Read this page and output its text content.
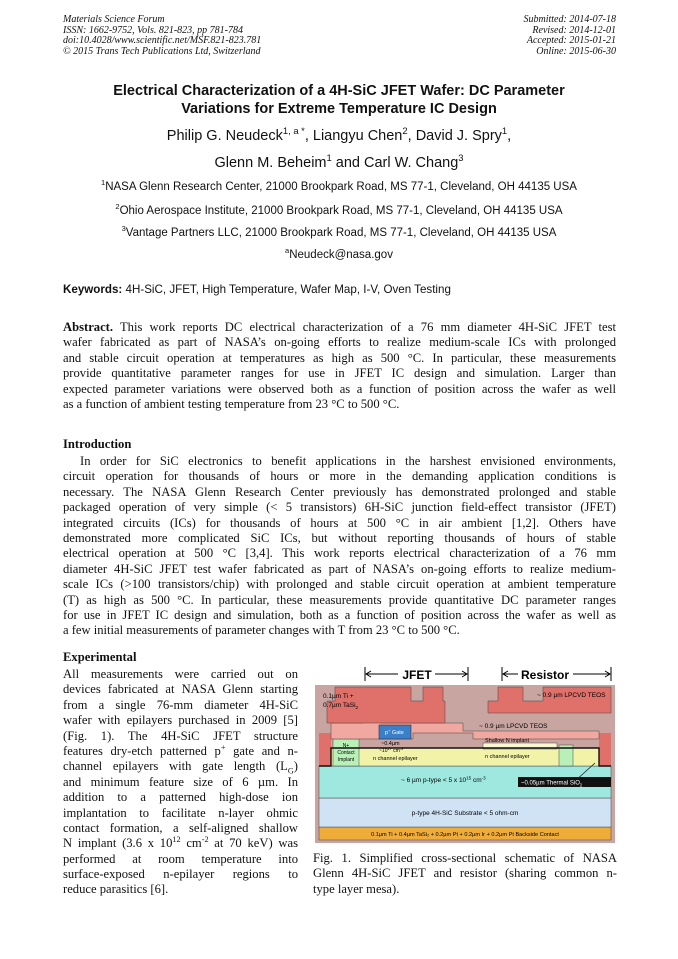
Materials Science Forum
ISSN: 1662-9752, Vols. 821-823, pp 781-784
doi:10.4028/www.scientific.net/MSF.821-823.781
© 2015 Trans Tech Publications Ltd, Switzerland
Submitted: 2014-07-18
Revised: 2014-12-01
Accepted: 2015-01-21
Online: 2015-06-30
Electrical Characterization of a 4H-SiC JFET Wafer: DC Parameter
Variations for Extreme Temperature IC Design
Philip G. Neudeck$^{1, a *}$, Liangyu Chen$^2$, David J. Spry$^1$,
Glenn M. Beheim$^1$ and Carl W. Chang$^3$
$^1$NASA Glenn Research Center, 21000 Brookpark Road, MS 77-1, Cleveland, OH 44135 USA
$^2$Ohio Aerospace Institute, 21000 Brookpark Road, MS 77-1, Cleveland, OH 44135 USA
$^3$Vantage Partners LLC, 21000 Brookpark Road, MS 77-1, Cleveland, OH 44135 USA
$^a$Neudeck@nasa.gov
Keywords: 4H-SiC, JFET, High Temperature, Wafer Map, I-V, Oven Testing
Abstract. This work reports DC electrical characterization of a 76 mm diameter 4H-SiC JFET test
wafer fabricated as part of NASA’s on-going efforts to realize medium-scale ICs with prolonged
and stable circuit operation at temperatures as high as 500 °C. In particular, these measurements
provide quantitative parameter ranges for use in JFET IC design and simulation. Larger than
expected parameter variations were observed both as a function of position across the wafer as well
as a function of ambient testing temperature from 23 °C to 500 °C.
Introduction
In order for SiC electronics to benefit applications in the harshest envisioned environments,
circuit operation for thousands of hours or more in the demanding application conditions is
necessary. The NASA Glenn Research Center previously has demonstrated prolonged and stable
packaged operation of very simple (< 5 transistors) 6H-SiC junction field-effect transistor (JFET)
integrated circuits (ICs) for thousands of hours at 500 °C in air ambient [1,2]. Others have
demonstrated more complicated SiC ICs, but without reporting thousands of hours of stable
electrical operation at 500 °C [3,4]. This work reports electrical characterization of a 76 mm
diameter 4H-SiC JFET test wafer fabricated as part of NASA’s on-going efforts to realize medium-
scale ICs (>100 transistors/chip) with prolonged and stable circuit operation at ambient temperature
(T) as high as 500 °C. In particular, these measurements provide quantitative DC parameter ranges
for use in JFET IC design and simulation, both as a function of position across the wafer as well as
a few initial measurements of parameter changes with T from 23 °C to 500 °C.
Experimental
All measurements were carried out on
devices fabricated at NASA Glenn starting
from a single 76-mm diameter 4H-SiC
wafer with epilayers purchased in 2009 [5]
(Fig. 1). The 4H-SiC JFET structure
features dry-etch patterned p+ gate and n-
channel epilayers with gate length $(L_G)$
and minimum feature size of 6 µm. In
addition to a patterned high-dose ion
implantation to facilitate n-layer ohmic
contact formation, a self-aligned shallow
N implant (3.6 x $10^{12}$ $cm^{-2}$ at 70 keV) was
performed at room temperature into
surface-exposed n-epilayer regions to
reduce parasitics [6].
JFET	Resistor
0.1µm Ti +
0.7µm TaSi$_2$
~ 0.9 µm LPCVD TEOS
~ 0.9 µm LPCVD TEOS
p+ Gate
~0.4µm
$\sim 10^{17}$ $cm^{-3}$
n channel epilayer
N+
Contact
Implant
Shallow N implant
n channel epilayer
~ 6 µm p-type < 5 x $10^{15}$ $cm^{-3}$
~0.05µm Thermal SiO$_2$
p-type 4H-SiC Substrate < 5 ohm-cm
0.1µm Ti + 0.4µm TaSi₂ + 0.2µm Pt + 0.2µm Ir + 0.2µm Pt Backside Contact
Fig. 1. Simplified cross-sectional schematic of NASA
Glenn 4H-SiC JFET and resistor (sharing common n-
type layer mesa).
